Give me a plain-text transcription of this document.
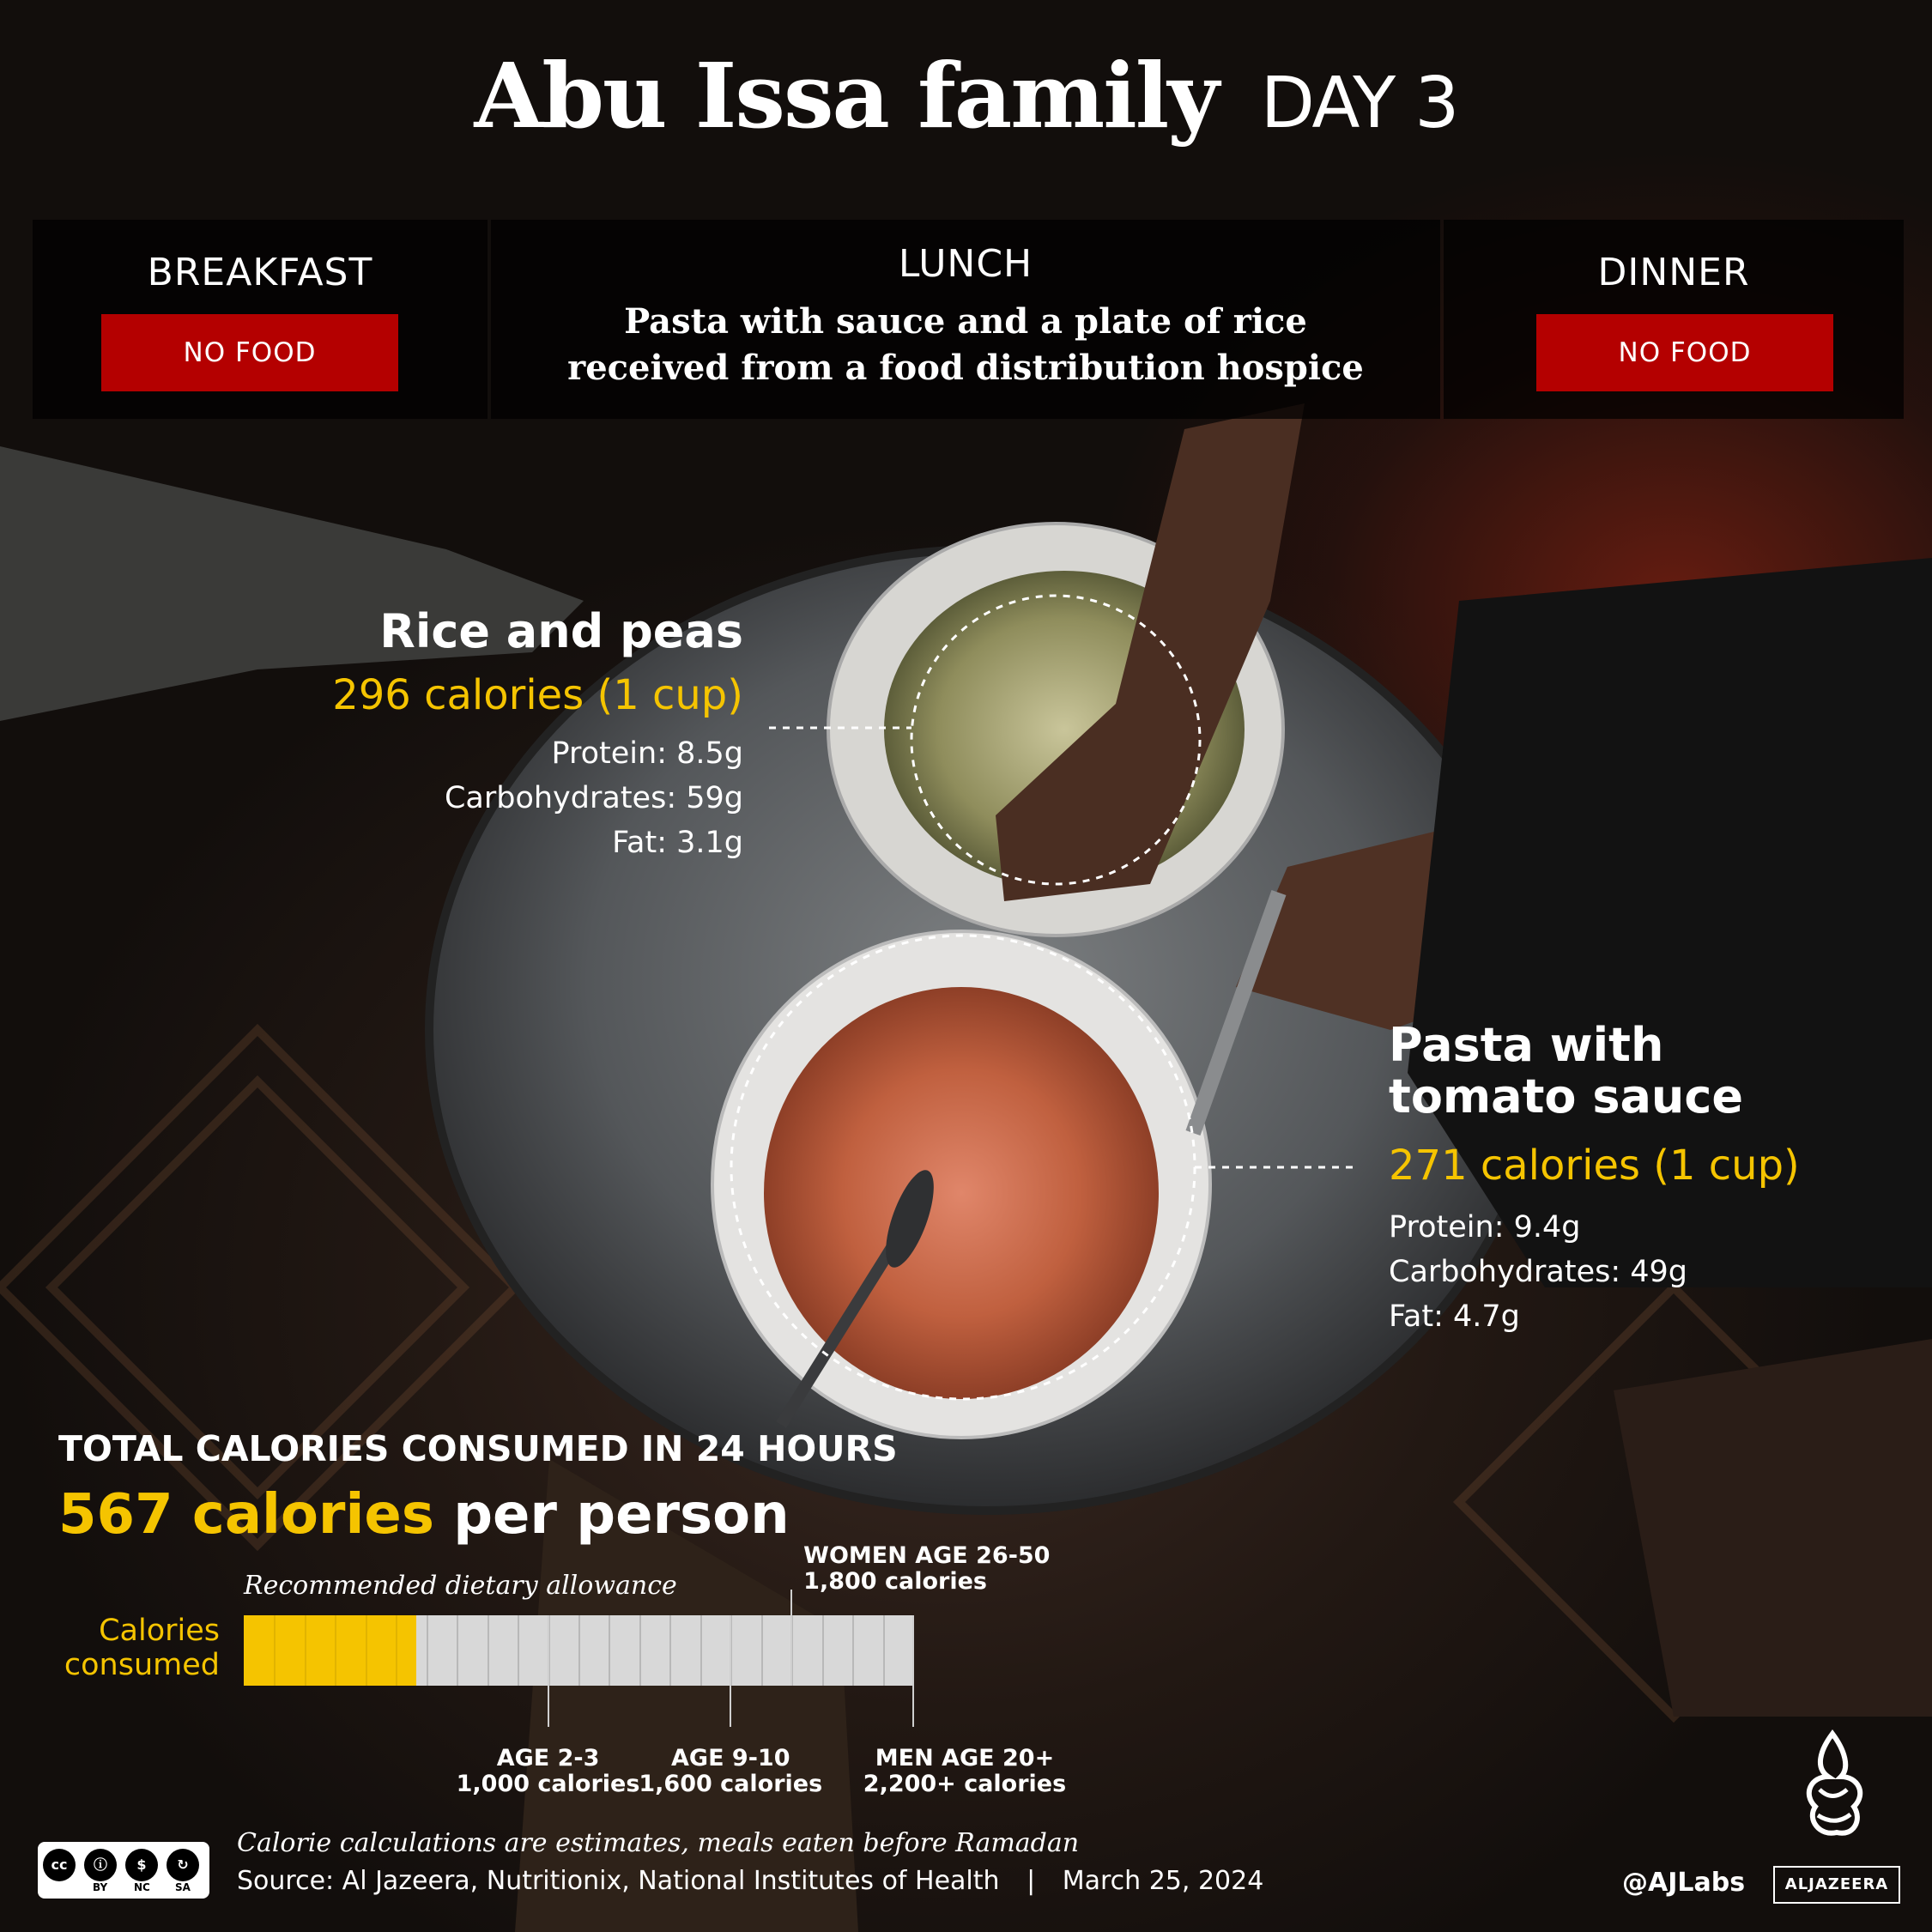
Abu Issa family DAY 3
BREAKFAST
NO FOOD
LUNCH
Pasta with sauce and a plate of rice
received from a food distribution hospice
DINNER
NO FOOD
Rice and peas
296 calories (1 cup)
Protein: 8.5g
Carbohydrates: 59g
Fat: 3.1g
Pasta with
tomato sauce
271 calories (1 cup)
Protein: 9.4g
Carbohydrates: 49g
Fat: 4.7g
TOTAL CALORIES CONSUMED IN 24 HOURS
567 calories per person
Recommended dietary allowance
Calories
consumed
AGE 2-3
1,000 calories
AGE 9-10
1,600 calories
WOMEN AGE 26-50
1,800 calories
MEN AGE 20+
2,200+ calories
cc	ⓘ	$	↻
BY	NC SA
Calorie calculations are estimates, meals eaten before Ramadan
Source: Al Jazeera, Nutritionix, National Institutes of Health | March 25, 2024	@AJLabs	ALJAZEERA
